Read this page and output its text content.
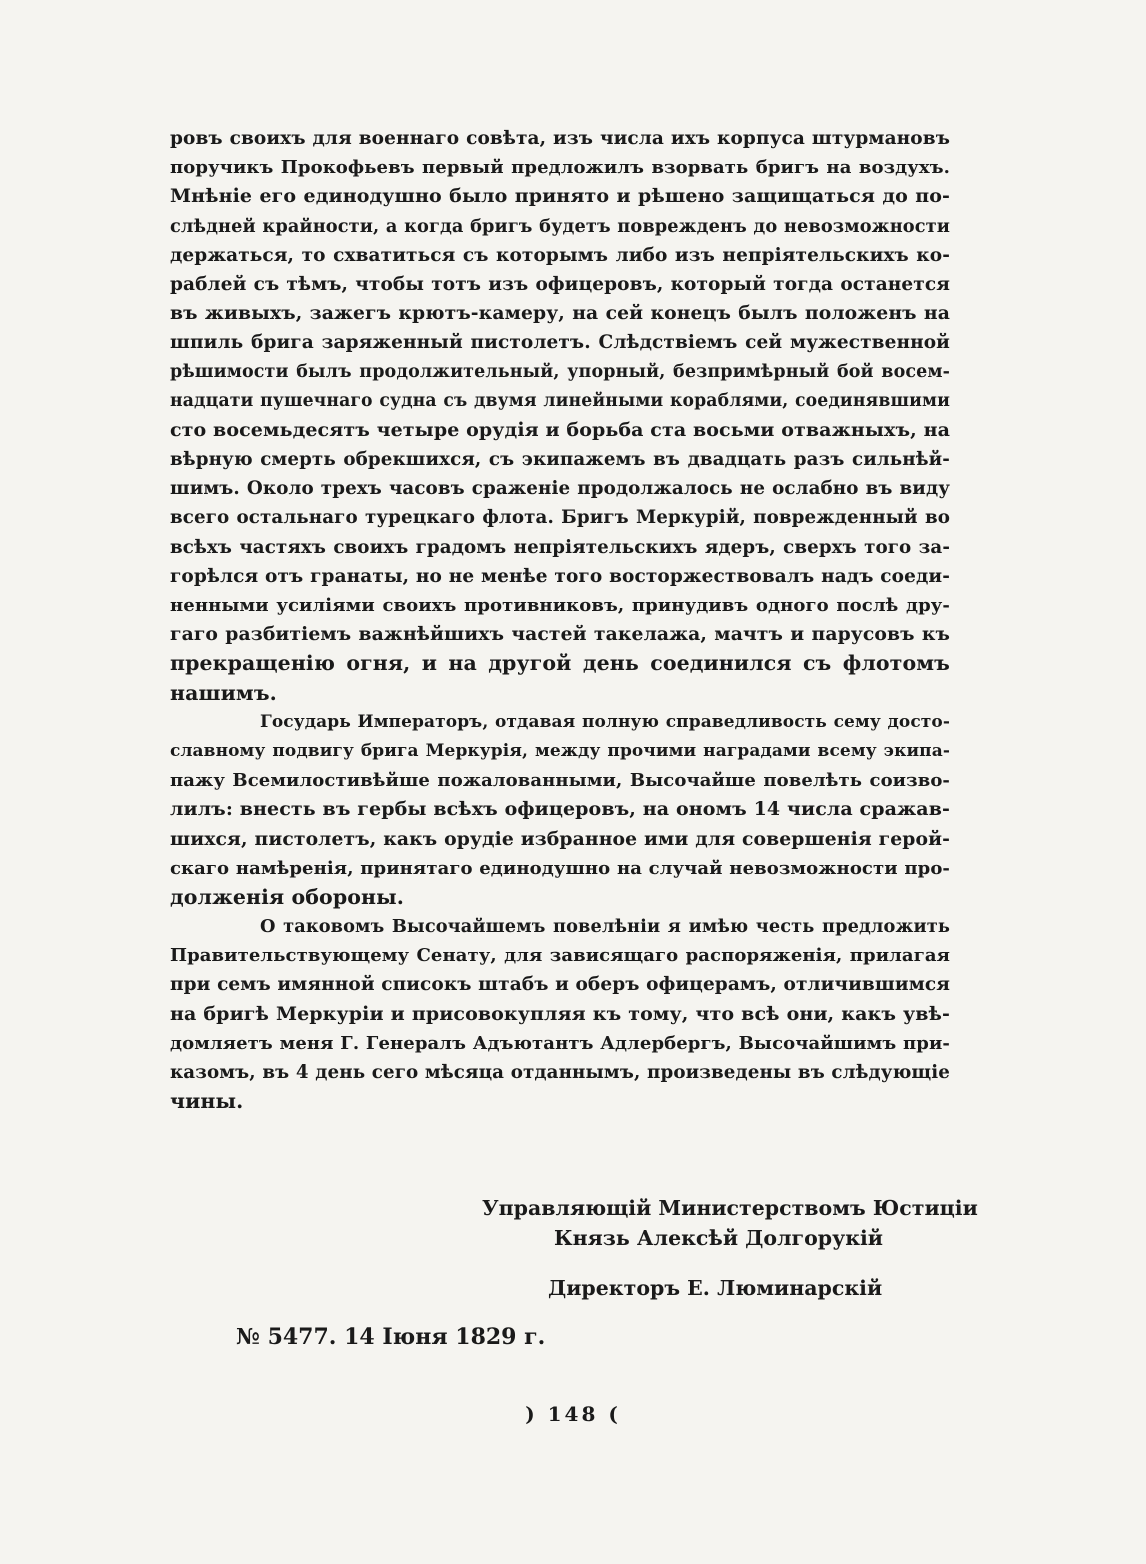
ровъ своихъ для военнаго совѣта, изъ числа ихъ корпуса штурмановъ
поручикъ Прокофьевъ первый предложилъ взорвать бригъ на воздухъ.
Мнѣніе его единодушно было принято и рѣшено защищаться до по-
слѣдней крайности, а когда бригъ будетъ поврежденъ до невозможности
держаться, то схватиться съ которымъ либо изъ непріятельскихъ ко-
раблей съ тѣмъ, чтобы тотъ изъ офицеровъ, который тогда останется
въ живыхъ, зажегъ крютъ-камеру, на сей конецъ былъ положенъ на
шпиль брига заряженный пистолетъ. Слѣдствіемъ сей мужественной
рѣшимости былъ продолжительный, упорный, безпримѣрный бой восем-
надцати пушечнаго судна съ двумя линейными кораблями, соединявшими
сто восемьдесятъ четыре орудія и борьба ста восьми отважныхъ, на
вѣрную смерть обрекшихся, съ экипажемъ въ двадцать разъ сильнѣй-
шимъ. Около трехъ часовъ сраженіе продолжалось не ослабно въ виду
всего остальнаго турецкаго флота. Бригъ Меркурій, поврежденный во
всѣхъ частяхъ своихъ градомъ непріятельскихъ ядеръ, сверхъ того за-
горѣлся отъ гранаты, но не менѣе того восторжествовалъ надъ соеди-
ненными усиліями своихъ противниковъ, принудивъ одного послѣ дру-
гаго разбитіемъ важнѣйшихъ частей такелажа, мачтъ и парусовъ къ
прекращенію огня, и на другой день соединился съ флотомъ
нашимъ.
Государь Императоръ, отдавая полную справедливость сему досто-
славному подвигу брига Меркурія, между прочими наградами всему экипа-
пажу Всемилостивѣйше пожалованными, Высочайше повелѣть соизво-
лилъ: внесть въ гербы всѣхъ офицеровъ, на ономъ 14 числа сражав-
шихся, пистолетъ, какъ орудіе избранное ими для совершенія герой-
скаго намѣренія, принятаго единодушно на случай невозможности про-
долженія обороны.
О таковомъ Высочайшемъ повелѣніи я имѣю честь предложить
Правительствующему Сенату, для зависящаго распоряженія, прилагая
при семъ имянной списокъ штабъ и оберъ офицерамъ, отличившимся
на бригѣ Меркуріи и присовокупляя къ тому, что всѣ они, какъ увѣ-
домляетъ меня Г. Генералъ Адъютантъ Адлербергъ, Высочайшимъ при-
казомъ, въ 4 день сего мѣсяца отданнымъ, произведены въ слѣдующіе
чины.
Управляющій Министерствомъ Юстиціи
Князь Алексѣй Долгорукій
Директоръ Е. Люминарскій
№ 5477. 14 Іюня 1829 г.
) 148 (
